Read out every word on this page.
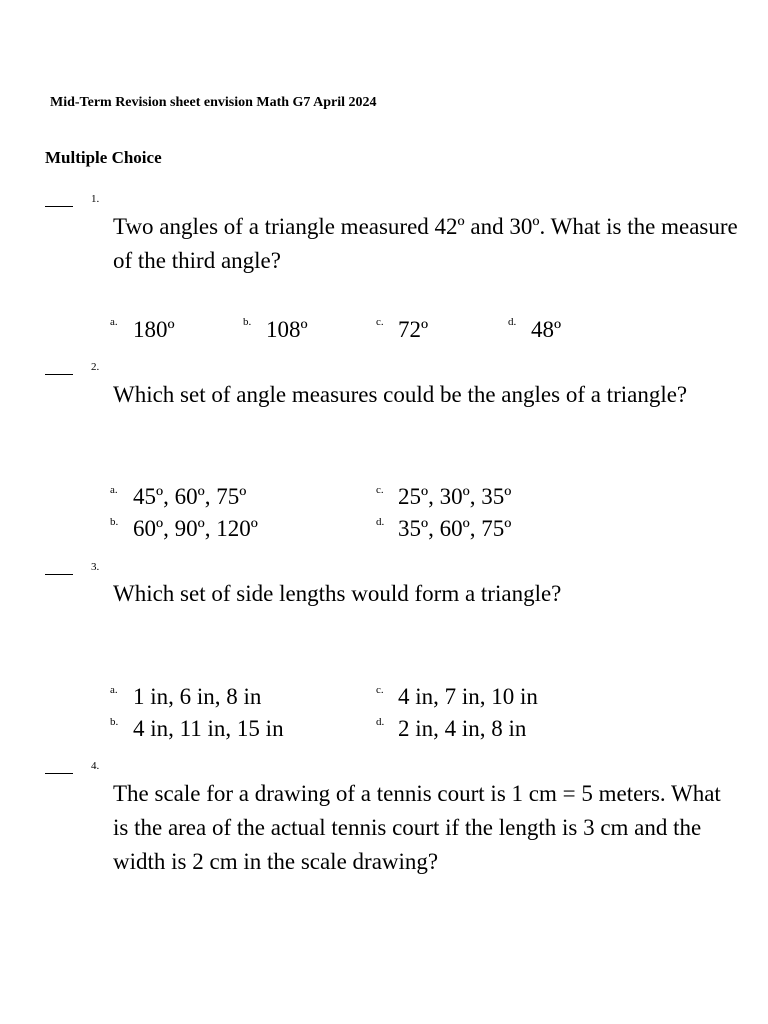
Mid-Term Revision sheet envision Math G7 April 2024
Multiple Choice
1.
Two angles of a triangle measured 42º and 30º. What is the measure of the third angle?
a. 180º	b. 108º	c. 72º	d. 48º
2.
Which set of angle measures could be the angles of a triangle?
a. 45º, 60º, 75º
b. 60º, 90º, 120º
c. 25º, 30º, 35º
d. 35º, 60º, 75º
3.
Which set of side lengths would form a triangle?
a. 1 in, 6 in, 8 in
b. 4 in, 11 in, 15 in
c. 4 in, 7 in, 10 in
d. 2 in, 4 in, 8 in
4.
The scale for a drawing of a tennis court is 1 cm = 5 meters. What is the area of the actual tennis court if the length is 3 cm and the width is 2 cm in the scale drawing?
